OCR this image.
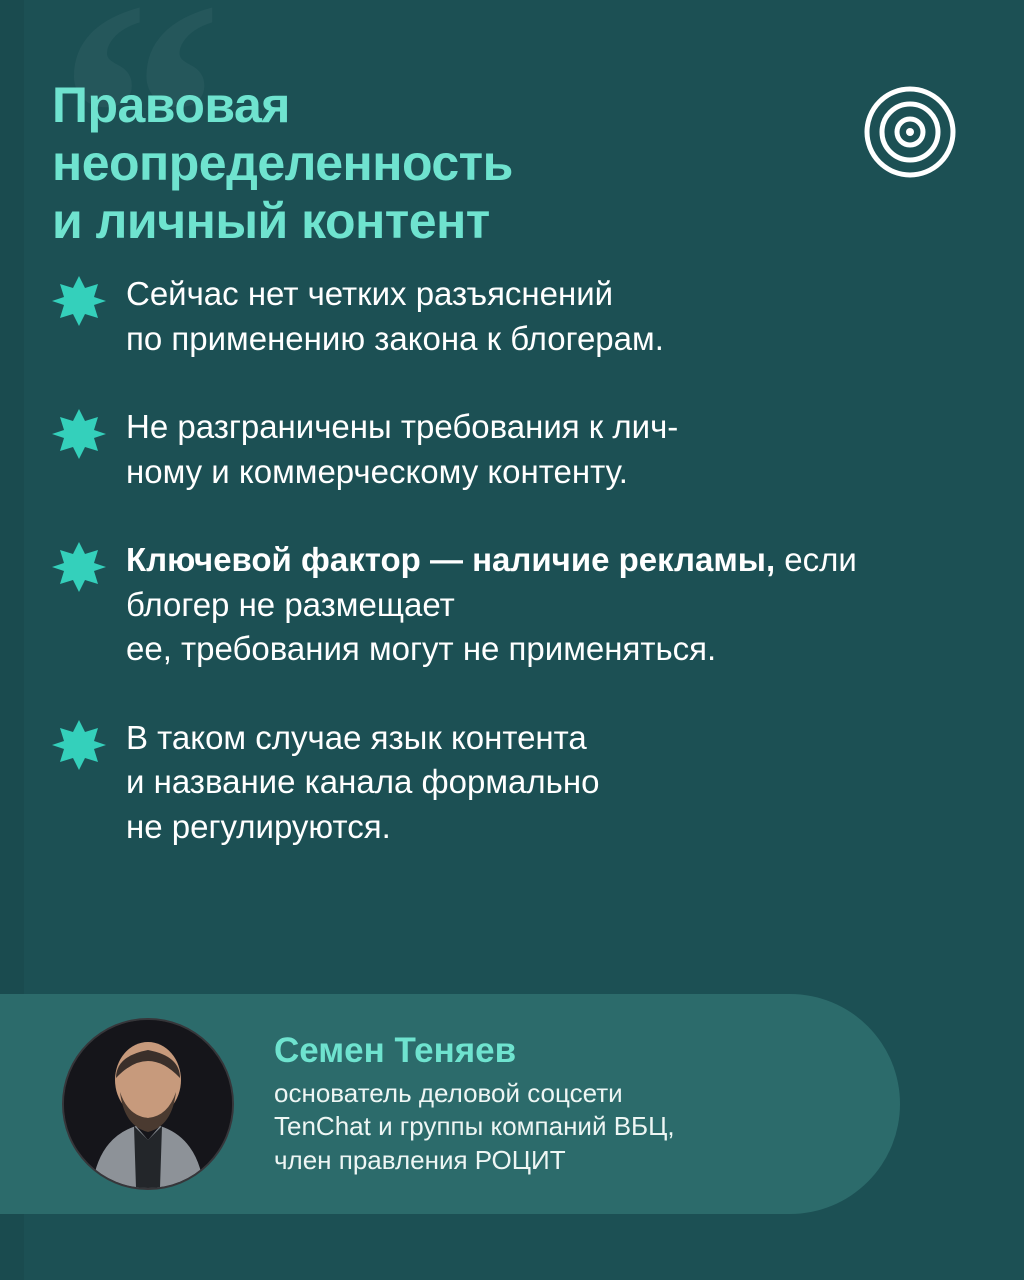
Правовая
неопределенность
и личный контент
Сейчас нет четких разъяснений
по применению закона к блогерам.
Не разграничены требования к лич-
ному и коммерческому контенту.
Ключевой фактор — наличие рекламы, если блогер не размещает
ее, требования могут не применяться.
В таком случае язык контента
и название канала формально
не регулируются.
Семен Теняев
основатель деловой соцсети
TenChat и группы компаний ВБЦ,
член правления РОЦИТ
